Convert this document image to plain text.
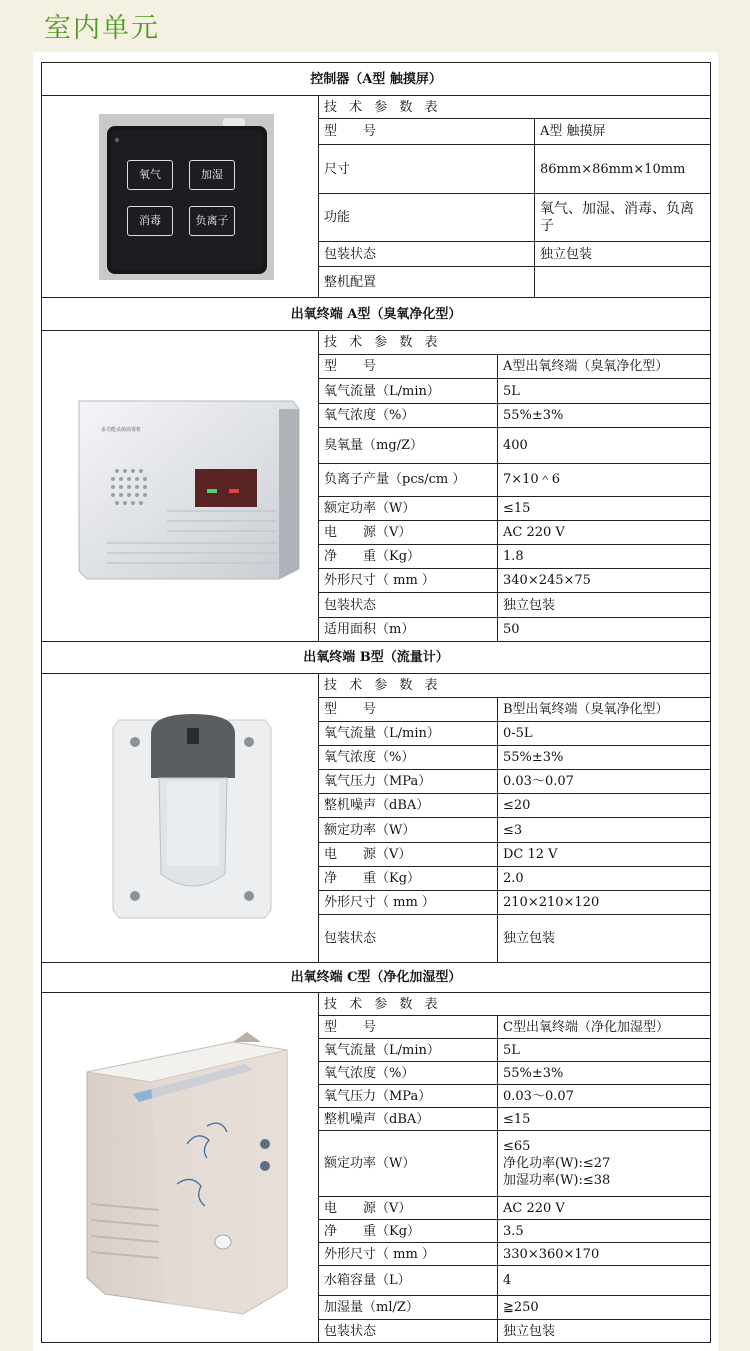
室内单元
控制器（A型 触摸屏）		

	技 术 参 数 表	
	型　　号	A型 触摸屏
	尺寸	86mm×86mm×10mm
	功能	氧气、加湿、消毒、负离子
	包装状态	独立包装
	整机配置	
氧气	加湿
消毒	负离子
出氧终端 A型（臭氧净化型）		

	技 术 参 数 表	
	型　　号	A型出氧终端（臭氧净化型）
	氧气流量（L/min）	5L
	氧气浓度（%）	55%±3%
	臭氧量（mg/Z）	400
	负离子产量（pcs/cm ）	7×10＾6
	额定功率（W）	≤15
	电　　源（V）	AC 220 V
	净　　重（Kg）	1.8
	外形尺寸（ mm ）	340×245×75
	包装状态	独立包装
	适用面积（m）	50
多功能杀菌消毒机
出氧终端 B型（流量计）		

	技 术 参 数 表	
	型　　号	B型出氧终端（臭氧净化型）
	氧气流量（L/min）	0-5L
	氧气浓度（%）	55%±3%
	氧气压力（MPa）	0.03～0.07
	整机噪声（dBA）	≤20
	额定功率（W）	≤3
	电　　源（V）	DC 12 V
	净　　重（Kg）	2.0
	外形尺寸（ mm ）	210×210×120
	包装状态	独立包装
出氧终端 C型（净化加湿型）		

	技 术 参 数 表	
	型　　号	C型出氧终端（净化加湿型）
	氧气流量（L/min）	5L
	氧气浓度（%）	55%±3%
	氧气压力（MPa）	0.03～0.07
	整机噪声（dBA）	≤15
	额定功率（W）	≤65
净化功率(W):≤27
加湿功率(W):≤38

	电　　源（V）	AC 220 V
	净　　重（Kg）	3.5
	外形尺寸（ mm ）	330×360×170
	水箱容量（L）	4
	加湿量（ml/Z）	≧250
	包装状态	独立包装
